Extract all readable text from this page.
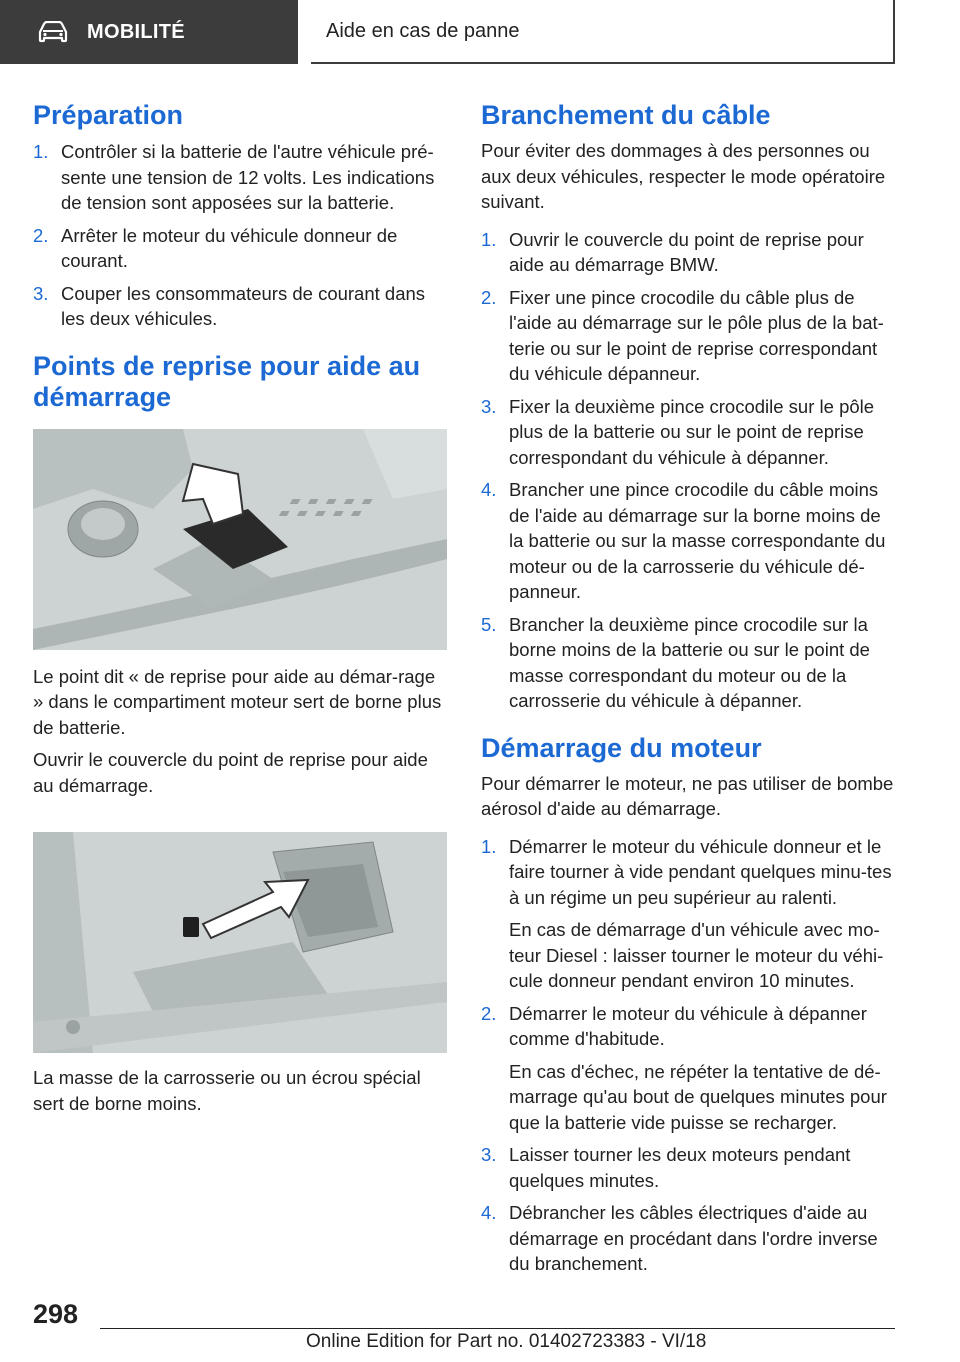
MOBILITÉ	Aide en cas de panne
Préparation
1. Contrôler si la batterie de l'autre véhicule pré-sente une tension de 12 volts. Les indications de tension sont apposées sur la batterie.
2. Arrêter le moteur du véhicule donneur de courant.
3. Couper les consommateurs de courant dans les deux véhicules.
Points de reprise pour aide au démarrage

Le point dit « de reprise pour aide au démar-rage » dans le compartiment moteur sert de borne plus de batterie.

Ouvrir le couvercle du point de reprise pour aide au démarrage.

La masse de la carrosserie ou un écrou spécial sert de borne moins.

Branchement du câble

Pour éviter des dommages à des personnes ou aux deux véhicules, respecter le mode opératoire suivant.

1. Ouvrir le couvercle du point de reprise pour aide au démarrage BMW.
2. Fixer une pince crocodile du câble plus de l'aide au démarrage sur le pôle plus de la bat-terie ou sur le point de reprise correspondant du véhicule dépanneur.
3. Fixer la deuxième pince crocodile sur le pôle plus de la batterie ou sur le point de reprise correspondant du véhicule à dépanner.
4. Brancher une pince crocodile du câble moins de l'aide au démarrage sur la borne moins de la batterie ou sur la masse correspondante du moteur ou de la carrosserie du véhicule dé-panneur.
5. Brancher la deuxième pince crocodile sur la borne moins de la batterie ou sur le point de masse correspondant du moteur ou de la carrosserie du véhicule à dépanner.
Démarrage du moteur

Pour démarrer le moteur, ne pas utiliser de bombe aérosol d'aide au démarrage.

1. Démarrer le moteur du véhicule donneur et le faire tourner à vide pendant quelques minu-tes à un régime un peu supérieur au ralenti.
En cas de démarrage d'un véhicule avec mo-teur Diesel : laisser tourner le moteur du véhi-cule donneur pendant environ 10 minutes.
2. Démarrer le moteur du véhicule à dépanner comme d'habitude.
En cas d'échec, ne répéter la tentative de dé-marrage qu'au bout de quelques minutes pour que la batterie vide puisse se recharger.
3. Laisser tourner les deux moteurs pendant quelques minutes.
4. Débrancher les câbles électriques d'aide au démarrage en procédant dans l'ordre inverse du branchement.
298
Online Edition for Part no. 01402723383 - VI/18
